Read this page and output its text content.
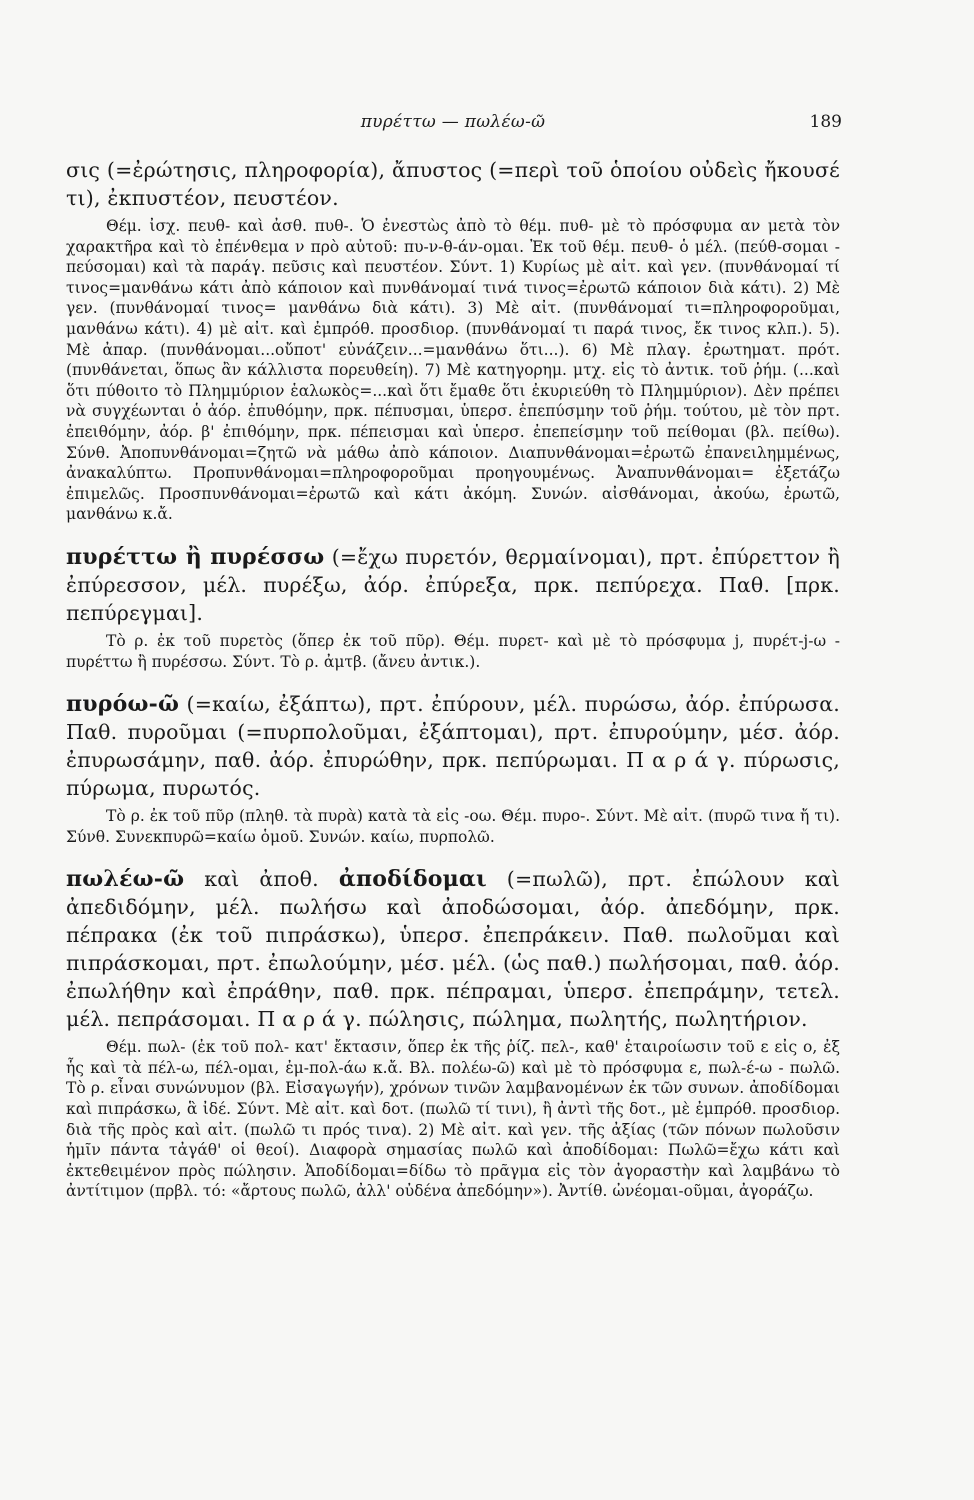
πυρέττω — πωλέω-ῶ	189

σις (=ἐρώτησις, πληροφορία), ἄπυστος (=περὶ τοῦ ὁποίου οὐδεὶς ἤκουσέ τι), ἐκπυστέον, πευστέον.

Θέμ. ἰσχ. πευθ- καὶ ἀσθ. πυθ-. Ὁ ἐνεστὼς ἀπὸ τὸ θέμ. πυθ- μὲ τὸ πρόσφυμα αν μετὰ τὸν χαρακτῆρα καὶ τὸ ἐπένθεμα ν πρὸ αὐτοῦ: πυ-ν-θ-άν-ομαι. Ἐκ τοῦ θέμ. πευθ- ὁ μέλ. (πεύθ-σομαι - πεύσομαι) καὶ τὰ παράγ. πεῦσις καὶ πευστέον. Σύντ. 1) Κυρίως μὲ αἰτ. καὶ γεν. (πυνθάνομαί τί τινος=μανθάνω κάτι ἀπὸ κάποιον καὶ πυνθάνομαί τινά τινος=ἐρωτῶ κάποιον διὰ κάτι). 2) Μὲ γεν. (πυνθάνομαί τινος= μανθάνω διὰ κάτι). 3) Μὲ αἰτ. (πυνθάνομαί τι=πληροφοροῦμαι, μανθάνω κάτι). 4) μὲ αἰτ. καὶ ἐμπρόθ. προσδιορ. (πυνθάνομαί τι παρά τινος, ἔκ τινος κλπ.). 5). Μὲ ἀπαρ. (πυνθάνομαι...οὔποτ' εὐνάζειν...=μανθάνω ὅτι...). 6) Μὲ πλαγ. ἐρωτηματ. πρότ. (πυνθάνεται, ὅπως ἂν κάλλιστα πορευθείη). 7) Μὲ κατηγορημ. μτχ. εἰς τὸ ἀντικ. τοῦ ῥήμ. (...καὶ ὅτι πύθοιτο τὸ Πλημμύριον ἑαλωκὸς=...καὶ ὅτι ἔμαθε ὅτι ἐκυριεύθη τὸ Πλημμύριον). Δὲν πρέπει νὰ συγχέωνται ὁ ἀόρ. ἐπυθόμην, πρκ. πέπυσμαι, ὑπερσ. ἐπεπύσμην τοῦ ῥήμ. τούτου, μὲ τὸν πρτ. ἐπειθόμην, ἀόρ. β' ἐπιθόμην, πρκ. πέπεισμαι καὶ ὑπερσ. ἐπεπείσμην τοῦ πείθομαι (βλ. πείθω). Σύνθ. Ἀποπυνθάνομαι=ζητῶ νὰ μάθω ἀπὸ κάποιον. Διαπυνθάνομαι=ἐρωτῶ ἐπανειλημμένως, ἀνακαλύπτω. Προπυνθάνομαι=πληροφοροῦμαι προηγουμένως. Ἀναπυνθάνομαι= ἐξετάζω ἐπιμελῶς. Προσπυνθάνομαι=ἐρωτῶ καὶ κάτι ἀκόμη. Συνών. αἰσθάνομαι, ἀκούω, ἐρωτῶ, μανθάνω κ.ἄ.

πυρέττω ἢ πυρέσσω (=ἔχω πυρετόν, θερμαίνομαι), πρτ. ἐπύρεττον ἢ ἐπύρεσσον, μέλ. πυρέξω, ἀόρ. ἐπύρεξα, πρκ. πεπύρεχα. Παθ. [πρκ. πεπύρεγμαι].

Τὸ ρ. ἐκ τοῦ πυρετὸς (ὅπερ ἐκ τοῦ πῦρ). Θέμ. πυρετ- καὶ μὲ τὸ πρόσφυμα j, πυρέτ-j-ω - πυρέττω ἢ πυρέσσω. Σύντ. Τὸ ρ. ἀμτβ. (ἄνευ ἀντικ.).

πυρόω-ῶ (=καίω, ἐξάπτω), πρτ. ἐπύρουν, μέλ. πυρώσω, ἀόρ. ἐπύρωσα. Παθ. πυροῦμαι (=πυρπολοῦμαι, ἐξάπτομαι), πρτ. ἐπυρούμην, μέσ. ἀόρ. ἐπυρωσάμην, παθ. ἀόρ. ἐπυρώθην, πρκ. πεπύρωμαι. Π α ρ ά γ. πύρωσις, πύρωμα, πυρωτός.

Τὸ ρ. ἐκ τοῦ πῦρ (πληθ. τὰ πυρὰ) κατὰ τὰ εἰς -οω. Θέμ. πυρο-. Σύντ. Μὲ αἰτ. (πυρῶ τινα ἤ τι). Σύνθ. Συνεκπυρῶ=καίω ὁμοῦ. Συνών. καίω, πυρπολῶ.

πωλέω-ῶ καὶ ἀποθ. ἀποδίδομαι (=πωλῶ), πρτ. ἐπώλουν καὶ ἀπεδιδόμην, μέλ. πωλήσω καὶ ἀποδώσομαι, ἀόρ. ἀπεδόμην, πρκ. πέπρακα (ἐκ τοῦ πιπράσκω), ὑπερσ. ἐπεπράκειν. Παθ. πωλοῦμαι καὶ πιπράσκομαι, πρτ. ἐπωλούμην, μέσ. μέλ. (ὡς παθ.) πωλήσομαι, παθ. ἀόρ. ἐπωλήθην καὶ ἐπράθην, παθ. πρκ. πέπραμαι, ὑπερσ. ἐπεπράμην, τετελ. μέλ. πεπράσομαι. Π α ρ ά γ. πώλησις, πώλημα, πωλητής, πωλητήριον.

Θέμ. πωλ- (ἐκ τοῦ πολ- κατ' ἔκτασιν, ὅπερ ἐκ τῆς ῥίζ. πελ-, καθ' ἑταιροίωσιν τοῦ ε εἰς ο, ἐξ ἧς καὶ τὰ πέλ-ω, πέλ-ομαι, ἐμ-πολ-άω κ.ἄ. Βλ. πολέω-ῶ) καὶ μὲ τὸ πρόσφυμα ε, πωλ-έ-ω - πωλῶ. Τὸ ρ. εἶναι συνώνυμον (βλ. Εἰσαγωγήν), χρόνων τινῶν λαμβανομένων ἐκ τῶν συνων. ἀποδίδομαι καὶ πιπράσκω, ἃ ἰδέ. Σύντ. Μὲ αἰτ. καὶ δοτ. (πωλῶ τί τινι), ἢ ἀντὶ τῆς δοτ., μὲ ἐμπρόθ. προσδιορ. διὰ τῆς πρὸς καὶ αἰτ. (πωλῶ τι πρός τινα). 2) Μὲ αἰτ. καὶ γεν. τῆς ἀξίας (τῶν πόνων πωλοῦσιν ἡμῖν πάντα τἀγάθ' οἱ θεοί). Διαφορὰ σημασίας πωλῶ καὶ ἀποδίδομαι: Πωλῶ=ἔχω κάτι καὶ ἐκτεθειμένον πρὸς πώλησιν. Ἀποδίδομαι=δίδω τὸ πρᾶγμα εἰς τὸν ἀγοραστὴν καὶ λαμβάνω τὸ ἀντίτιμον (πρβλ. τό: «ἄρτους πωλῶ, ἀλλ' οὐδένα ἀπεδόμην»). Ἀντίθ. ὠνέομαι-οῦμαι, ἀγοράζω.
